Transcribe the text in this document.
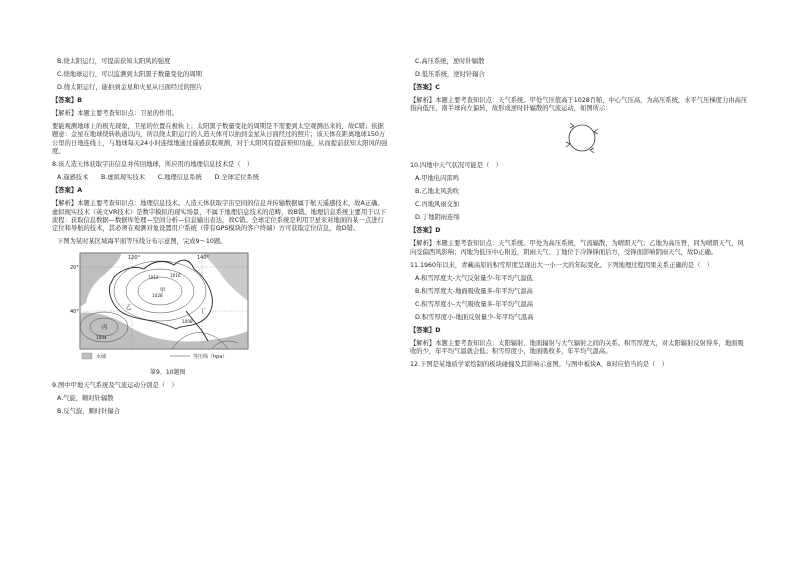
B.绕太阳运行，可提前获知太阳风的强度
C.绕地球运行，可以监测到太阳黑子数量变化的周期
D.绕太阳运行，能拍到金星和火星从日面经过的照片
【答案】B
【解析】本题主要考查知识点：卫星的作用。
要能观测地球上的极光现象，卫星的位置在极轨上；太阳黑子数量变化的周期是不需要到太空观测出来的，故C错；依据题意：金星在地球绕转轨道以内，所以绕太阳运行的人造天体可以拍到金星从日面经过的照片；该天体在距离地球150万公里的日地连线上，与地球每天24小时连续地通过遥感获取观测，对于太阳风有提前预知功能，从而提前获知太阳风的强度。
8.该人造天体获取宇宙信息并传回地球，所应用的地理信息技术是（　）
A.遥感技术　　B.虚拟现实技术　　C.地理信息系统　　D.全球定位系统
【答案】A
【解析】本题主要考查知识点：地理信息技术。人造天体获取宇宙空间的信息并传输数据属于航天遥感技术，故A正确。虚拟现实技术（英文VR技术）是数字模拟的现实场景，不属于地理信息技术的范畴，故B错。地理信息系统主要用于以下流程：获取信息数据—数据库处理—空间分析—信息输出表达，故C错。全球定位系统是利用卫星来对地面的某一点进行定位和导航的技术，其必须在观测对象设置用户系统（带有GPS模块的客户终端）方可获取定位信息，故D错。
下图为某时某区域海平面等压线分布示意图，完成9～10题。
120°	140°
20°
40°
1012	1016
1028
1004
1008
甲
乙
丙
丁
水域	等压线（hpa）
第9、10题图
9.图中甲地天气系统及气流运动分别是（　）
A.气旋，顺时针辐散
B.反气旋，顺时针辐合
C.高压系统，逆时针辐散
D.低压系统，逆时针辐合
【答案】C
【解析】本题主要考查知识点：天气系统。甲处气压值高于1028百帕，中心气压高，为高压系统，水平气压梯度力由高压指向低压，南半球向左偏转，故形成逆时针辐散的气流运动，如图所示：
10.四地中天气状况可能是（　）
A.甲地电闪雷鸣
B.乙地北风劲吹
C.丙地风雨交加
D.丁地阴雨连绵
【答案】D
【解析】本题主要考查知识点：天气系统。甲处为高压系统，气流辐散，为晴朗天气；乙地为高压脊，同为晴朗天气，风向受偏西风影响；丙地为低压中心附近，阴雨天气；丁地位于冷锋锋面后方，受锋面影响阴雨天气，故D正确。
11.1960年以来，青藏高原的积雪厚度呈现出大一小一大的年际变化。下列地理过程因果关系正确的是（　）
A.积雪厚度大-大气反射量少-年平均气温低
B.积雪厚度大-地面吸收量多-年平均气温高
C.积雪厚度小-大气吸收量多-年平均气温高
D.积雪厚度小-地面反射量少-年平均气温高
【答案】D
【解析】本题主要考查知识点：太阳辐射、地面辐射与大气辐射之间的关系。积雪厚度大，对太阳辐射反射得多，地面吸收的少，年平均气温就会低；积雪厚度小，地面吸收多，年平均气温高。
12.下图是某地质学家绘制的板块碰撞及其影响示意图。与图中板块A、B对应恰当的是（　）
